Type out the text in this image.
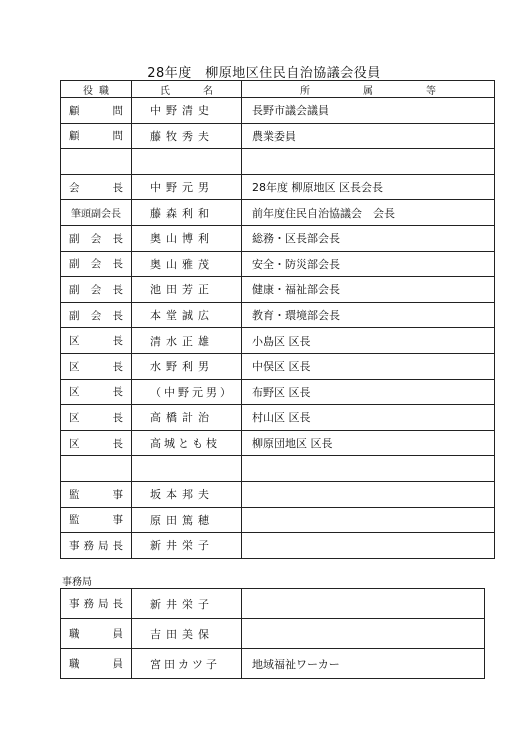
28年度　柳原地区住民自治協議会役員
役職	氏名	所属等
顧問	中野清史	長野市議会議員
顧問	藤牧秀夫	農業委員

会長	中野元男	28年度 柳原地区 区長会長
筆頭副会長	藤森利和	前年度住民自治協議会　会長
副会長	奥山博利	総務・区長部会長
副会長	奥山雅茂	安全・防災部会長
副会長	池田芳正	健康・福祉部会長
副会長	本堂誠広	教育・環境部会長
区長	清水正雄	小島区 区長
区長	水野利男	中俣区 区長
区長	（中野元男）	布野区 区長
区長	高橋計治	村山区 区長
区長	高城とも枝	柳原団地区 区長

監事	坂本邦夫	
監事	原田篤穂	
事務局長	新井栄子	
事務局
事務局長	新井栄子	
職員	吉田美保	
職員	宮田カツ子	地域福祉ワーカー
